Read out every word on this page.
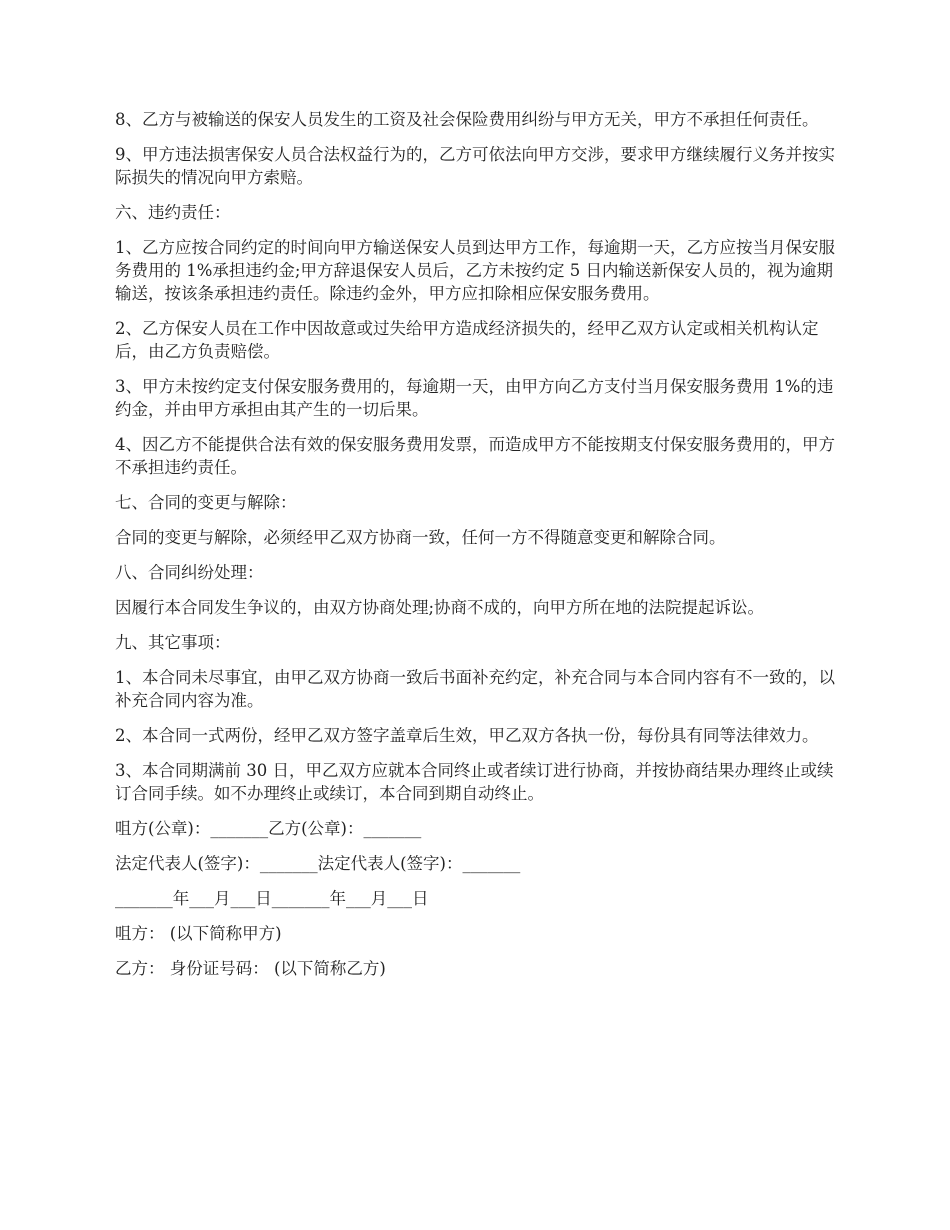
8、乙方与被输送的保安人员发生的工资及社会保险费用纠纷与甲方无关，甲方不承担任何责任。

9、甲方违法损害保安人员合法权益行为的，乙方可依法向甲方交涉，要求甲方继续履行义务并按实际损失的情况向甲方索赔。

六、违约责任：

1、乙方应按合同约定的时间向甲方输送保安人员到达甲方工作，每逾期一天，乙方应按当月保安服务费用的 1%承担违约金;甲方辞退保安人员后，乙方未按约定 5 日内输送新保安人员的，视为逾期输送，按该条承担违约责任。除违约金外，甲方应扣除相应保安服务费用。

2、乙方保安人员在工作中因故意或过失给甲方造成经济损失的，经甲乙双方认定或相关机构认定后，由乙方负责赔偿。

3、甲方未按约定支付保安服务费用的，每逾期一天，由甲方向乙方支付当月保安服务费用 1%的违约金，并由甲方承担由其产生的一切后果。

4、因乙方不能提供合法有效的保安服务费用发票，而造成甲方不能按期支付保安服务费用的，甲方不承担违约责任。

七、合同的变更与解除：

合同的变更与解除，必须经甲乙双方协商一致，任何一方不得随意变更和解除合同。

八、合同纠纷处理：

因履行本合同发生争议的，由双方协商处理;协商不成的，向甲方所在地的法院提起诉讼。

九、其它事项：

1、本合同未尽事宜，由甲乙双方协商一致后书面补充约定，补充合同与本合同内容有不一致的，以补充合同内容为准。

2、本合同一式两份，经甲乙双方签字盖章后生效，甲乙双方各执一份，每份具有同等法律效力。

3、本合同期满前 30 日，甲乙双方应就本合同终止或者续订进行协商，并按协商结果办理终止或续订合同手续。如不办理终止或续订，本合同到期自动终止。

咀方(公章)：_______乙方(公章)：_______

法定代表人(签字)：_______法定代表人(签字)：_______

_______年___月___日_______年___月___日

咀方： (以下简称甲方)

乙方： 身份证号码： (以下简称乙方)
